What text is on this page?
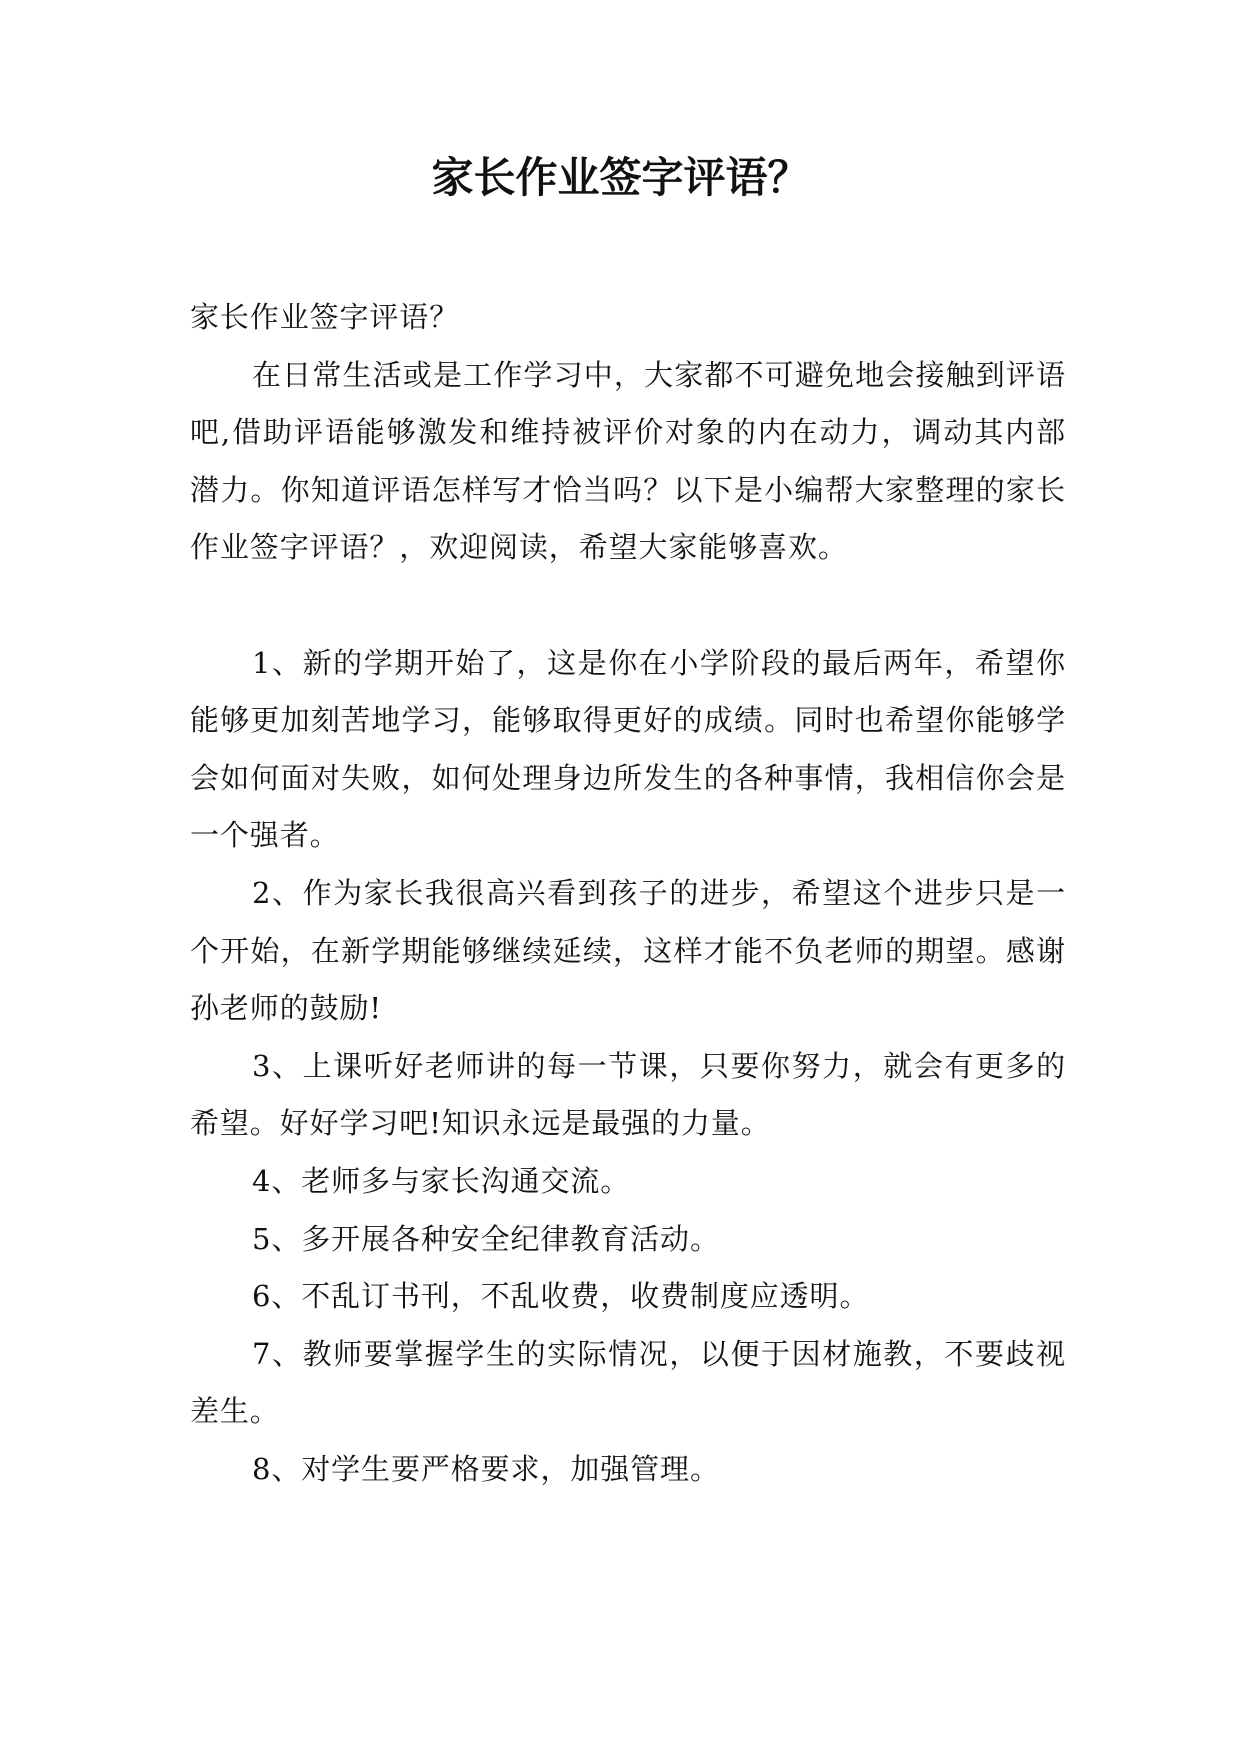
家长作业签字评语？

家长作业签字评语？

在日常生活或是工作学习中，大家都不可避免地会接触到评语吧,借助评语能够激发和维持被评价对象的内在动力，调动其内部潜力。你知道评语怎样写才恰当吗？以下是小编帮大家整理的家长作业签字评语？，欢迎阅读，希望大家能够喜欢。

1、新的学期开始了，这是你在小学阶段的最后两年，希望你能够更加刻苦地学习，能够取得更好的成绩。同时也希望你能够学会如何面对失败，如何处理身边所发生的各种事情，我相信你会是一个强者。

2、作为家长我很高兴看到孩子的进步，希望这个进步只是一个开始，在新学期能够继续延续，这样才能不负老师的期望。感谢孙老师的鼓励!

3、上课听好老师讲的每一节课，只要你努力，就会有更多的希望。好好学习吧!知识永远是最强的力量。

4、老师多与家长沟通交流。

5、多开展各种安全纪律教育活动。

6、不乱订书刊，不乱收费，收费制度应透明。

7、教师要掌握学生的实际情况，以便于因材施教，不要歧视差生。

8、对学生要严格要求，加强管理。
